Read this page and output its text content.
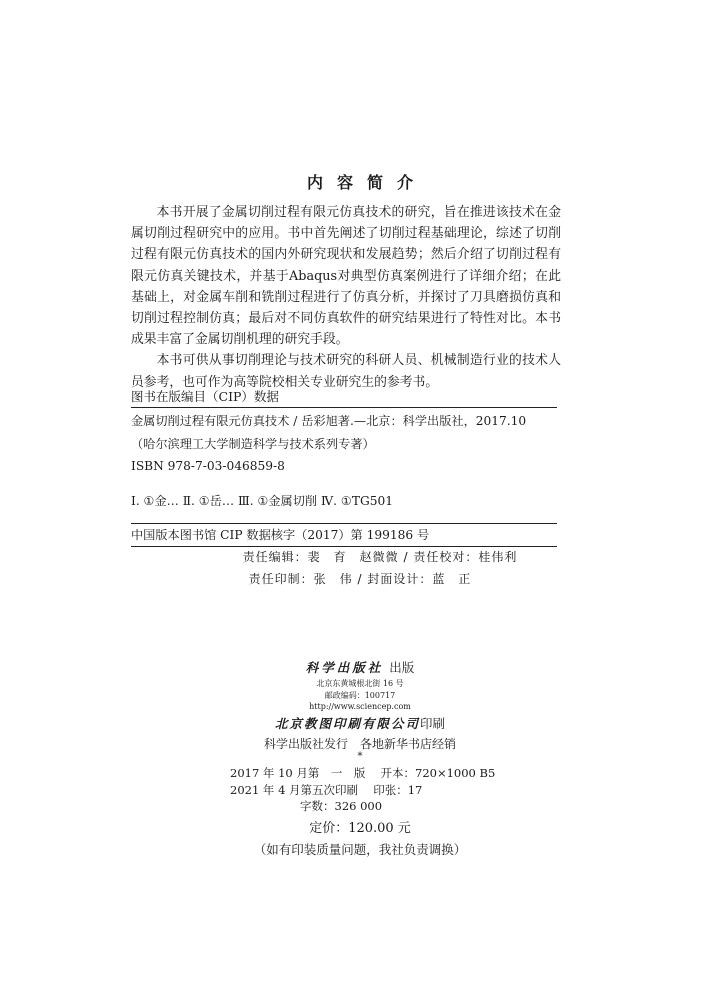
内容简介

本书开展了金属切削过程有限元仿真技术的研究，旨在推进该技术在金属切削过程研究中的应用。书中首先阐述了切削过程基础理论，综述了切削过程有限元仿真技术的国内外研究现状和发展趋势；然后介绍了切削过程有限元仿真关键技术，并基于Abaqus对典型仿真案例进行了详细介绍；在此基础上，对金属车削和铣削过程进行了仿真分析，并探讨了刀具磨损仿真和切削过程控制仿真；最后对不同仿真软件的研究结果进行了特性对比。本书成果丰富了金属切削机理的研究手段。

本书可供从事切削理论与技术研究的科研人员、机械制造行业的技术人员参考，也可作为高等院校相关专业研究生的参考书。

图书在版编目（CIP）数据
金属切削过程有限元仿真技术 / 岳彩旭著.—北京：科学出版社，2017.10
（哈尔滨理工大学制造科学与技术系列专著）
ISBN 978-7-03-046859-8
Ⅰ. ①金… Ⅱ. ①岳… Ⅲ. ①金属切削 Ⅳ. ①TG501
中国版本图书馆 CIP 数据核字（2017）第 199186 号
责任编辑：裴　育　赵微微 / 责任校对：桂伟利
责任印制：张　伟 / 封面设计：蓝　正
科学出版社 出版
北京东黄城根北街 16 号
邮政编码：100717
http://www.sciencep.com
北京教图印刷有限公司印刷
科学出版社发行　各地新华书店经销
*
2017 年 10 月第　一　版　 开本：720×1000 B5
2021 年 4 月第五次印刷　 印张：17
字数：326 000
定价：120.00 元
（如有印装质量问题，我社负责调换）
